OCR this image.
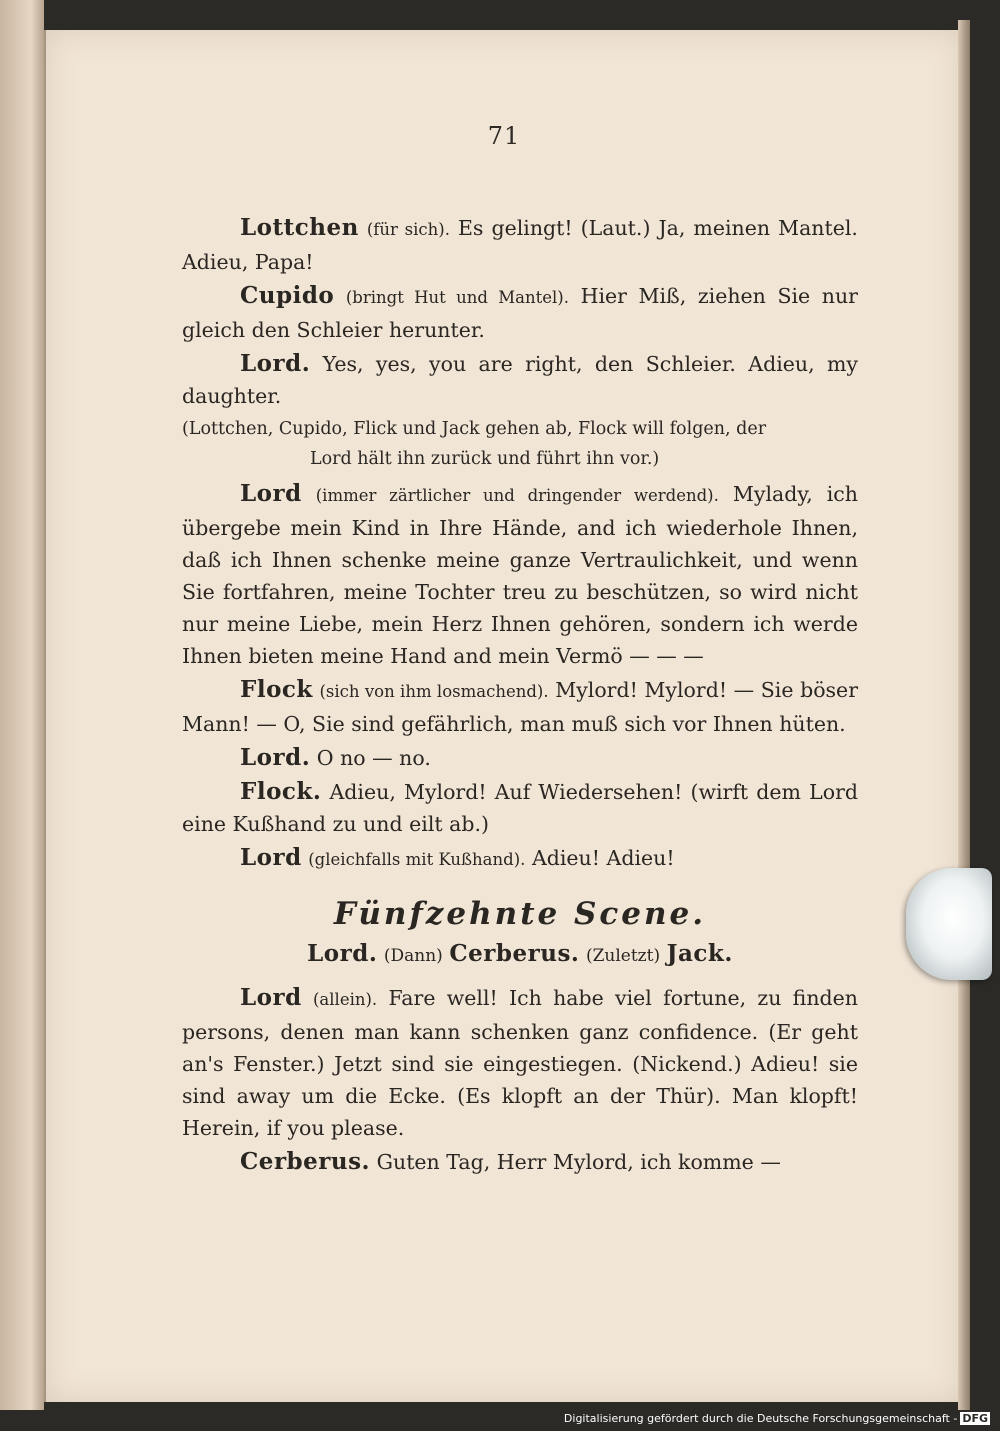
71

Lottchen (für sich). Es gelingt! (Laut.) Ja, meinen Mantel. Adieu, Papa!

Cupido (bringt Hut und Mantel). Hier Miß, ziehen Sie nur gleich den Schleier herunter.

Lord. Yes, yes, you are right, den Schleier. Adieu, my daughter.

(Lottchen, Cupido, Flick und Jack gehen ab, Flock will folgen, der
Lord hält ihn zurück und führt ihn vor.)

Lord (immer zärtlicher und dringender werdend). Mylady, ich übergebe mein Kind in Ihre Hände, and ich wiederhole Ihnen, daß ich Ihnen schenke meine ganze Vertraulichkeit, und wenn Sie fortfahren, meine Tochter treu zu beschützen, so wird nicht nur meine Liebe, mein Herz Ihnen gehören, sondern ich werde Ihnen bieten meine Hand and mein Vermö — — —

Flock (sich von ihm losmachend). Mylord! Mylord! — Sie böser Mann! — O, Sie sind gefährlich, man muß sich vor Ihnen hüten.

Lord. O no — no.

Flock. Adieu, Mylord! Auf Wiedersehen! (wirft dem Lord eine Kußhand zu und eilt ab.)

Lord (gleichfalls mit Kußhand). Adieu! Adieu!

Fünfzehnte Scene.

Lord. (Dann) Cerberus. (Zuletzt) Jack.

Lord (allein). Fare well! Ich habe viel fortune, zu finden persons, denen man kann schenken ganz confidence. (Er geht an's Fenster.) Jetzt sind sie eingestiegen. (Nickend.) Adieu! sie sind away um die Ecke. (Es klopft an der Thür). Man klopft! Herein, if you please.

Cerberus. Guten Tag, Herr Mylord, ich komme —

Digitalisierung gefördert durch die Deutsche Forschungsgemeinschaft - DFG
